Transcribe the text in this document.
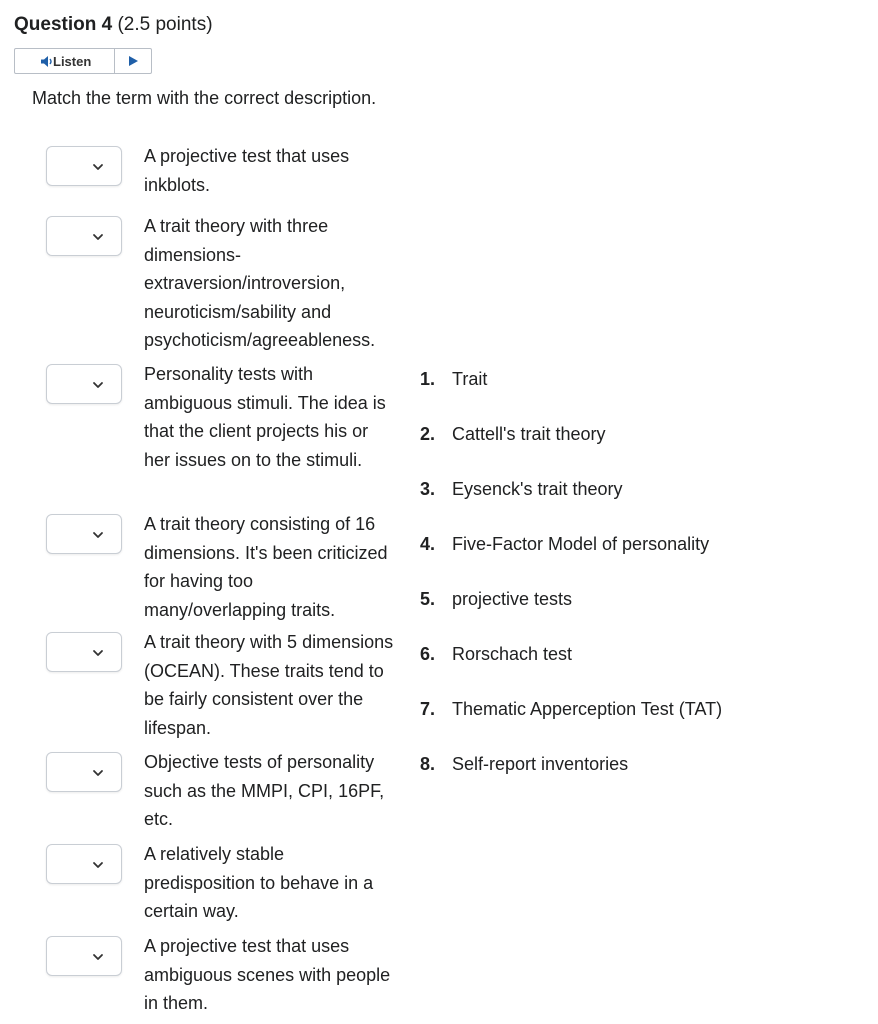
Question 4 (2.5 points)
Listen
Match the term with the correct description.
A projective test that uses inkblots.
A trait theory with three dimensions- extraversion/introversion, neuroticism/sability and psychoticism/agreeableness.
Personality tests with ambiguous stimuli. The idea is that the client projects his or her issues on to the stimuli.
A trait theory consisting of 16 dimensions. It's been criticized for having too many/overlapping traits.
A trait theory with 5 dimensions (OCEAN). These traits tend to be fairly consistent over the lifespan.
Objective tests of personality such as the MMPI, CPI, 16PF, etc.
A relatively stable predisposition to behave in a certain way.
A projective test that uses ambiguous scenes with people in them.
1. Trait
2. Cattell's trait theory
3. Eysenck's trait theory
4. Five-Factor Model of personality
5. projective tests
6. Rorschach test
7. Thematic Apperception Test (TAT)
8. Self-report inventories
